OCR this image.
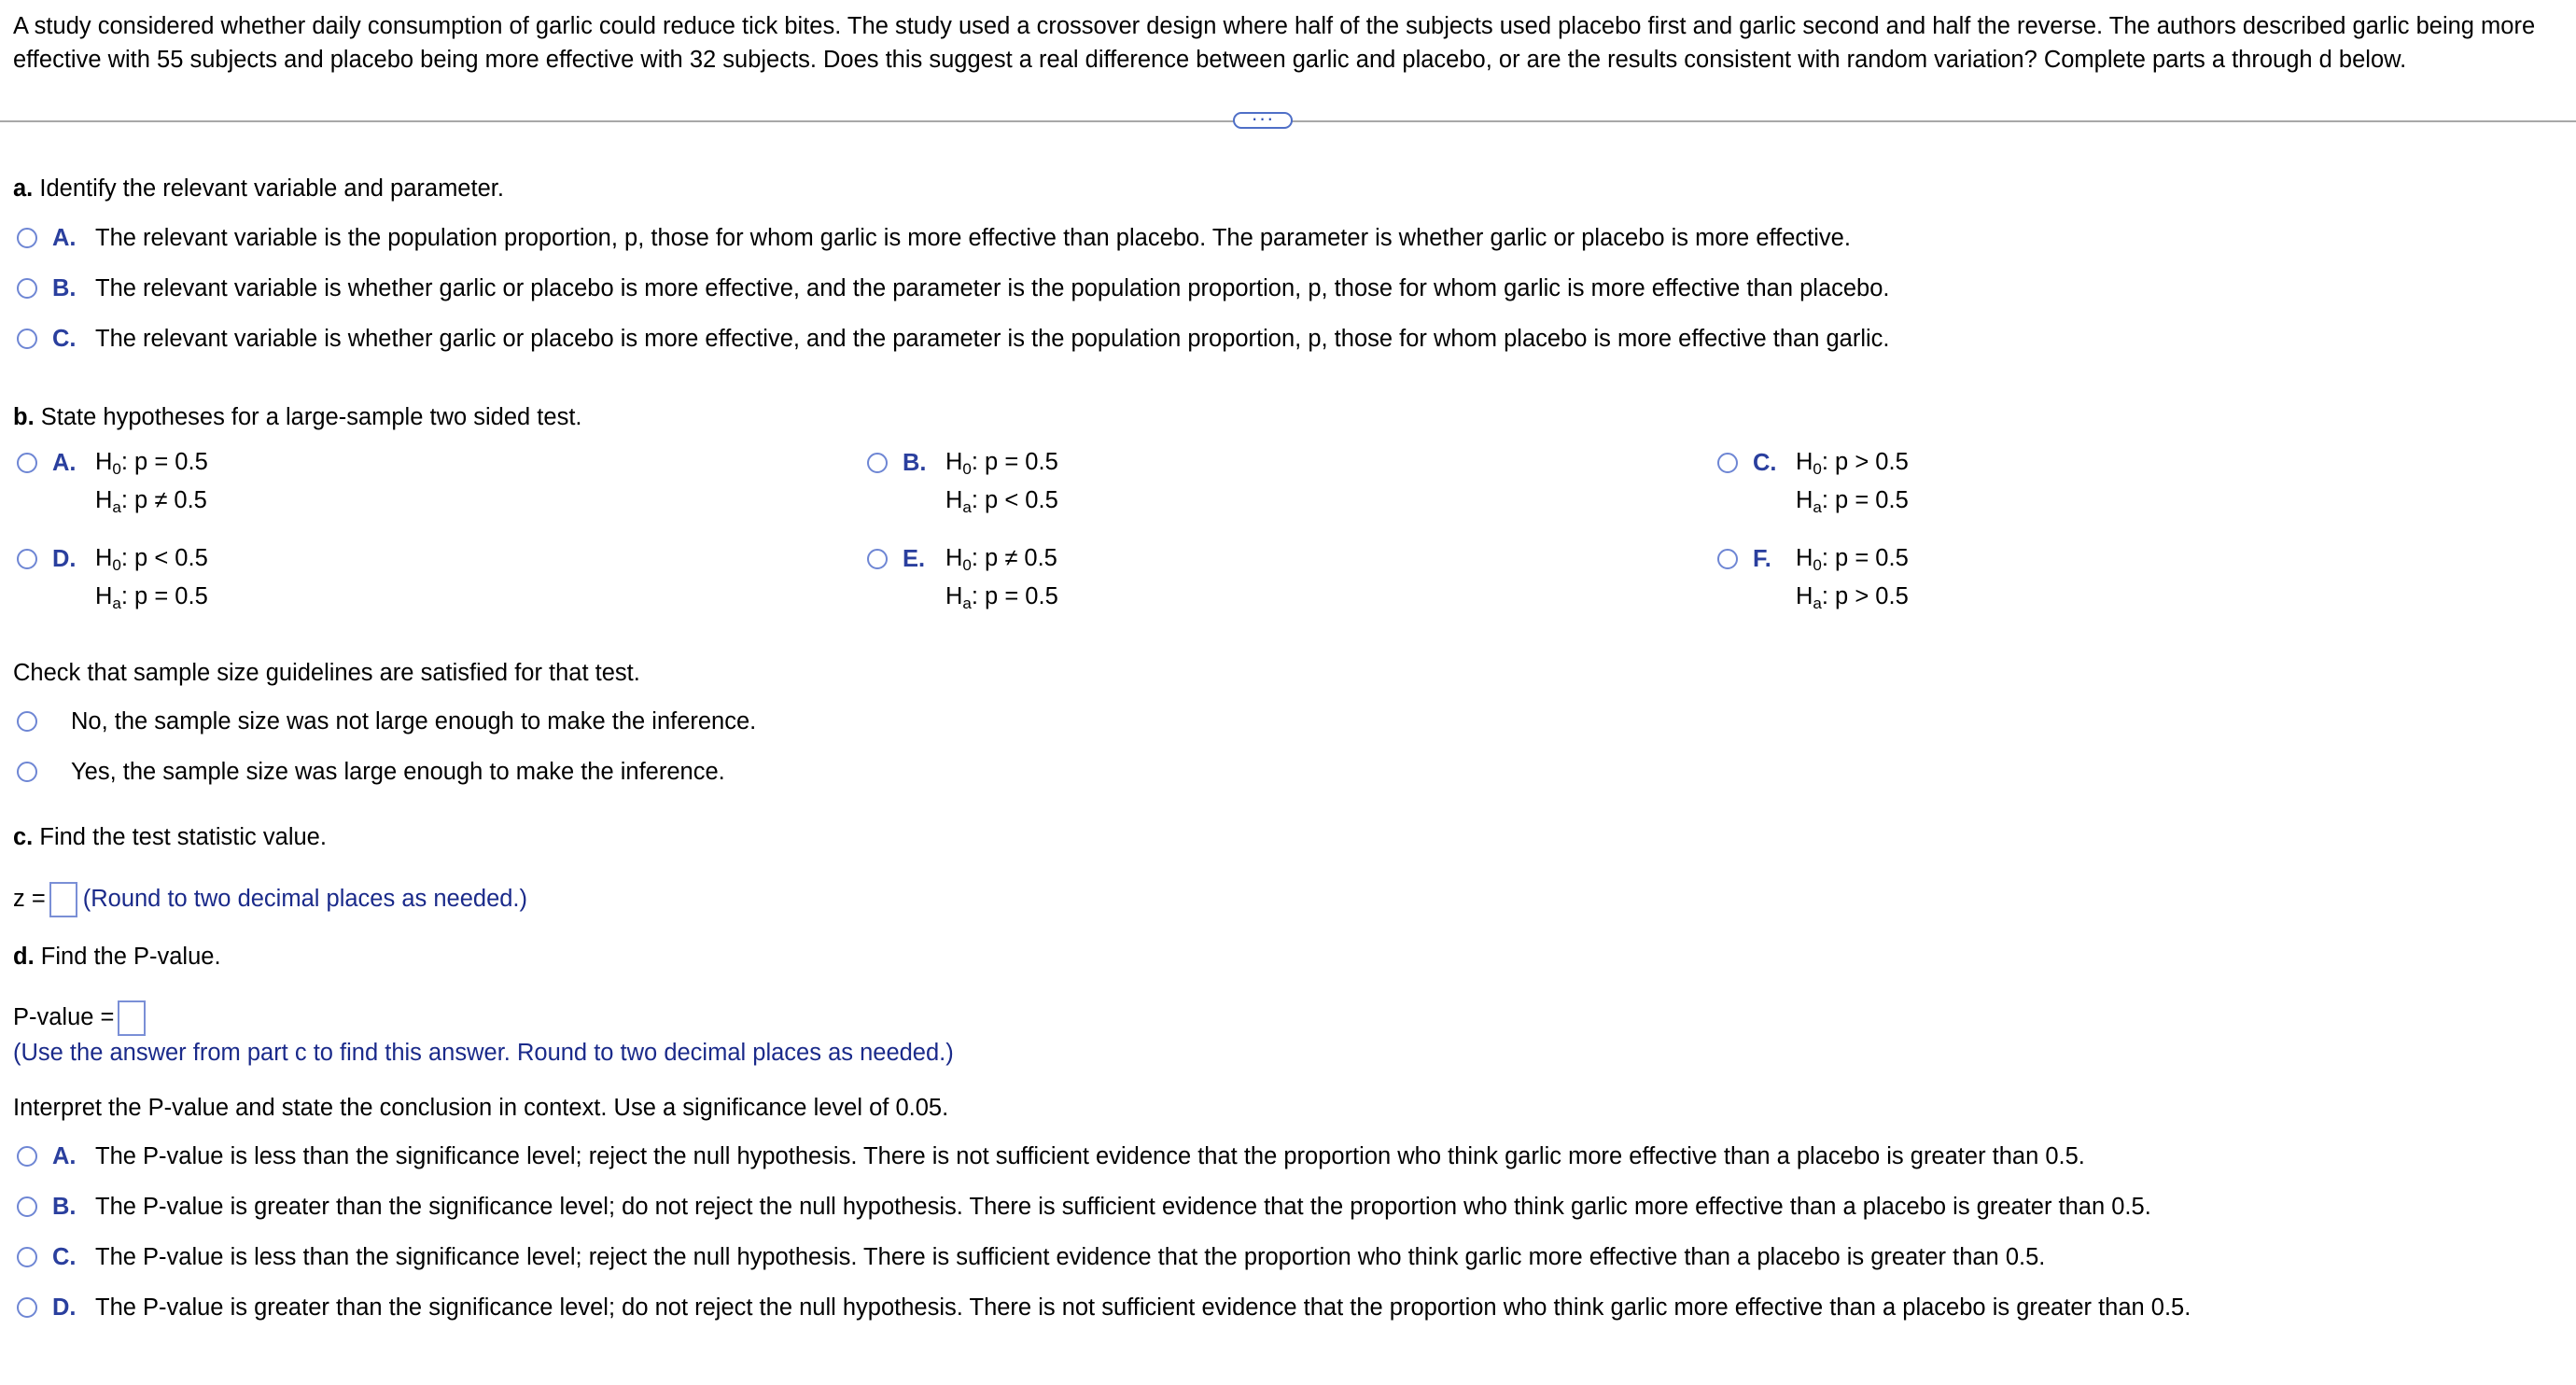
A study considered whether daily consumption of garlic could reduce tick bites. The study used a crossover design where half of the subjects used placebo first and garlic second and half the reverse. The authors described garlic being more effective with 55 subjects and placebo being more effective with 32 subjects. Does this suggest a real difference between garlic and placebo, or are the results consistent with random variation? Complete parts a through d below.
···
a. Identify the relevant variable and parameter.
A. The relevant variable is the population proportion, p, those for whom garlic is more effective than placebo. The parameter is whether garlic or placebo is more effective.
B. The relevant variable is whether garlic or placebo is more effective, and the parameter is the population proportion, p, those for whom garlic is more effective than placebo.
C. The relevant variable is whether garlic or placebo is more effective, and the parameter is the population proportion, p, those for whom placebo is more effective than garlic.
b. State hypotheses for a large-sample two sided test.
A. $H_0$: p = 0.5
$H_a$: p ≠ 0.5
B. $H_0$: p = 0.5
$H_a$: p < 0.5
C. $H_0$: p > 0.5
$H_a$: p = 0.5
D. $H_0$: p < 0.5
$H_a$: p = 0.5
E. $H_0$: p ≠ 0.5
$H_a$: p = 0.5
F.	$H_0$: p = 0.5
$H_a$: p > 0.5
Check that sample size guidelines are satisfied for that test.
No, the sample size was not large enough to make the inference.
Yes, the sample size was large enough to make the inference.
c. Find the test statistic value.
z = (Round to two decimal places as needed.)
d. Find the P-value.
P-value =
(Use the answer from part c to find this answer. Round to two decimal places as needed.)
Interpret the P-value and state the conclusion in context. Use a significance level of 0.05.
A. The P-value is less than the significance level; reject the null hypothesis. There is not sufficient evidence that the proportion who think garlic more effective than a placebo is greater than 0.5.
B. The P-value is greater than the significance level; do not reject the null hypothesis. There is sufficient evidence that the proportion who think garlic more effective than a placebo is greater than 0.5.
C. The P-value is less than the significance level; reject the null hypothesis. There is sufficient evidence that the proportion who think garlic more effective than a placebo is greater than 0.5.
D. The P-value is greater than the significance level; do not reject the null hypothesis. There is not sufficient evidence that the proportion who think garlic more effective than a placebo is greater than 0.5.
